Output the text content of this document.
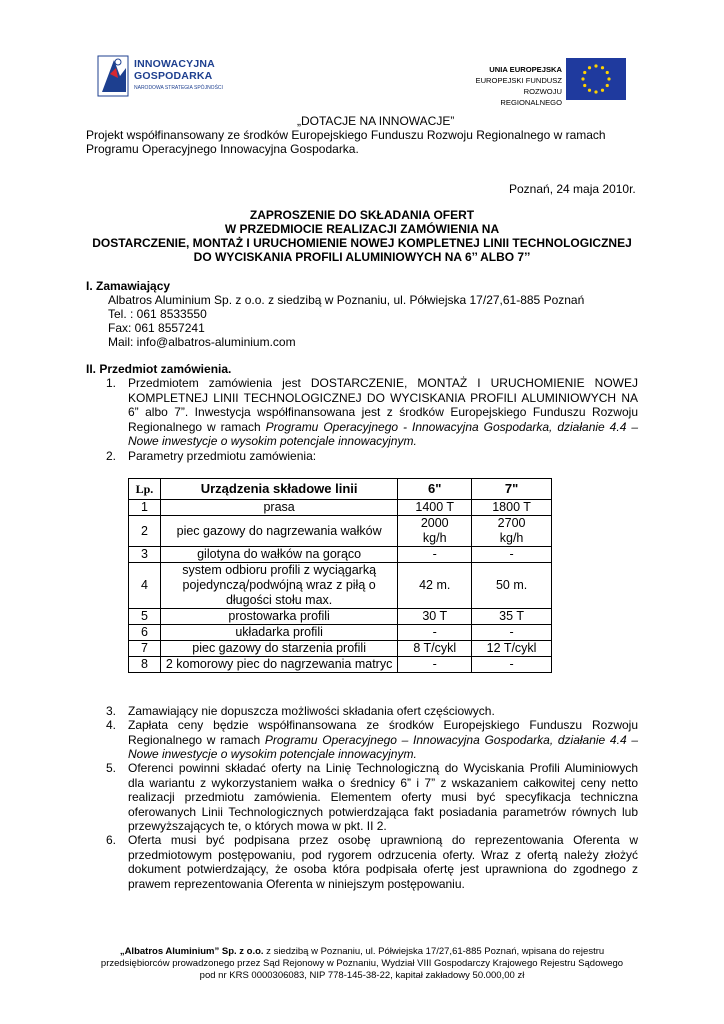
INNOWACYJNA
GOSPODARKA
NARODOWA STRATEGIA SPÓJNOŚCI
UNIA EUROPEJSKA
EUROPEJSKI FUNDUSZ
ROZWOJU REGIONALNEGO
„DOTACJE NA INNOWACJE”
Projekt współfinansowany ze środków Europejskiego Funduszu Rozwoju Regionalnego w ramach
Programu Operacyjnego Innowacyjna Gospodarka.
Poznań, 24 maja 2010r.
ZAPROSZENIE DO SKŁADANIA OFERT
W PRZEDMIOCIE REALIZACJI ZAMÓWIENIA NA
DOSTARCZENIE, MONTAŻ I URUCHOMIENIE NOWEJ KOMPLETNEJ LINII TECHNOLOGICZNEJ
DO WYCISKANIA PROFILI ALUMINIOWYCH NA 6’’ ALBO 7’’
I. Zamawiający
Albatros Aluminium Sp. z o.o. z siedzibą w Poznaniu, ul. Półwiejska 17/27,61-885 Poznań
Tel. : 061 8533550
Fax: 061 8557241
Mail: info@albatros-aluminium.com
II. Przedmiot zamówienia.
1. Przedmiotem zamówienia jest DOSTARCZENIE, MONTAŻ I URUCHOMIENIE NOWEJ
KOMPLETNEJ LINII TECHNOLOGICZNEJ DO WYCISKANIA PROFILI ALUMINIOWYCH NA
6” albo 7”. Inwestycja współfinansowana jest z środków Europejskiego Funduszu Rozwoju
Regionalnego w ramach Programu Operacyjnego - Innowacyjna Gospodarka, działanie 4.4 –
Nowe inwestycje o wysokim potencjale innowacyjnym.
2. Parametry przedmiotu zamówienia:
Lp.	Urządzenia składowe linii	6"	7"
1	prasa	1400 T	1800 T
2	piec gazowy do nagrzewania wałków	2000 kg/h	2700 kg/h
3	gilotyna do wałków na gorąco	-	-
4	system odbioru profili z wyciągarką pojedynczą/podwójną wraz z piłą o długości stołu max.	42 m.	50 m.
5	prostowarka profili	30 T	35 T
6	układarka profili	-	-
7	piec gazowy do starzenia profili	8 T/cykl	12 T/cykl
8	2 komorowy piec do nagrzewania matryc	-	-
3. Zamawiający nie dopuszcza możliwości składania ofert częściowych.
4. Zapłata ceny będzie współfinansowana ze środków Europejskiego Funduszu Rozwoju
Regionalnego w ramach Programu Operacyjnego – Innowacyjna Gospodarka, działanie 4.4 –
Nowe inwestycje o wysokim potencjale innowacyjnym.
5. Oferenci powinni składać oferty na Linię Technologiczną do Wyciskania Profili Aluminiowych
dla wariantu z wykorzystaniem wałka o średnicy 6” i 7” z wskazaniem całkowitej ceny netto
realizacji przedmiotu zamówienia. Elementem oferty musi być specyfikacja techniczna
oferowanych Linii Technologicznych potwierdzająca fakt posiadania parametrów równych lub
przewyższających te, o których mowa w pkt. II 2.
6. Oferta musi być podpisana przez osobę uprawnioną do reprezentowania Oferenta w
przedmiotowym postępowaniu, pod rygorem odrzucenia oferty. Wraz z ofertą należy złożyć
dokument potwierdzający, że osoba która podpisała ofertę jest uprawniona do zgodnego z
prawem reprezentowania Oferenta w niniejszym postępowaniu.
„Albatros Aluminium” Sp. z o.o. z siedzibą w Poznaniu, ul. Półwiejska 17/27,61-885 Poznań, wpisana do rejestru
przedsiębiorców prowadzonego przez Sąd Rejonowy w Poznaniu, Wydział VIII Gospodarczy Krajowego Rejestru Sądowego
pod nr KRS 0000306083, NIP 778-145-38-22, kapitał zakładowy 50.000,00 zł
